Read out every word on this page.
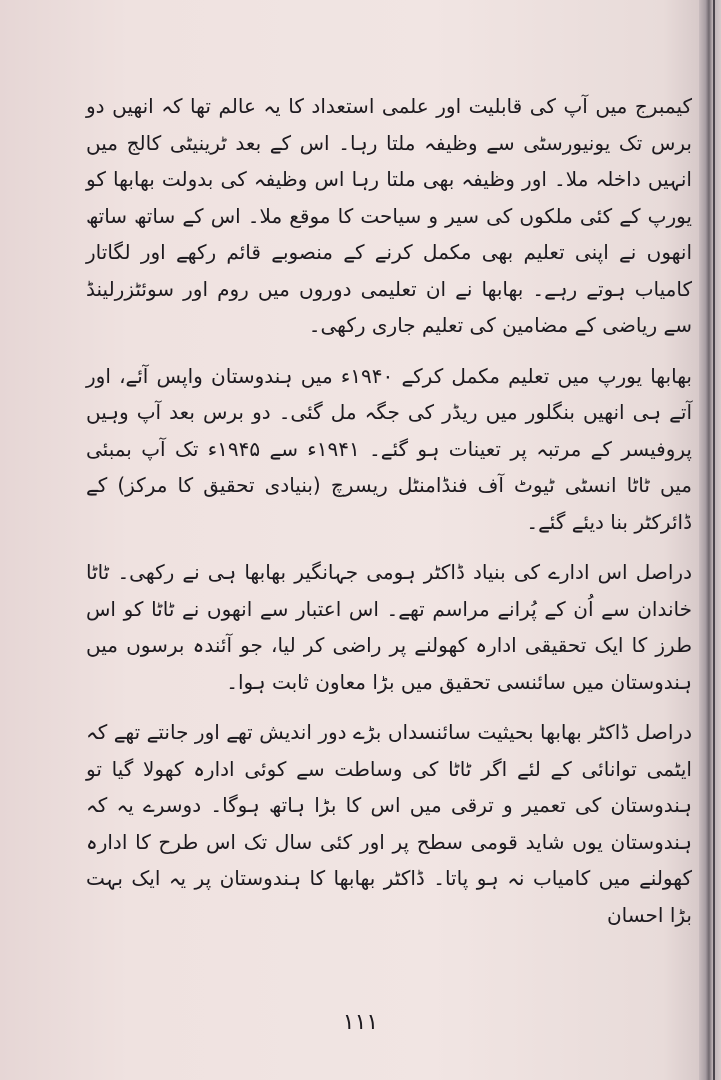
کیمبرج میں آپ کی قابلیت اور علمی استعداد کا یہ عالم تھا کہ انھیں دو برس تک یونیورسٹی سے وظیفہ ملتا رہا۔ اس کے بعد ٹرینیٹی کالج میں انہیں داخلہ ملا۔ اور وظیفہ بھی ملتا رہا اس وظیفہ کی بدولت بھابھا کو یورپ کے کئی ملکوں کی سیر و سیاحت کا موقع ملا۔ اس کے ساتھ ساتھ انھوں نے اپنی تعلیم بھی مکمل کرنے کے منصوبے قائم رکھے اور لگاتار کامیاب ہوتے رہے۔ بھابھا نے ان تعلیمی دوروں میں روم اور سوئٹزرلینڈ سے ریاضی کے مضامین کی تعلیم جاری رکھی۔

بھابھا یورپ میں تعلیم مکمل کرکے ۱۹۴۰ء میں ہندوستان واپس آئے، اور آتے ہی انھیں بنگلور میں ریڈر کی جگہ مل گئی۔ دو برس بعد آپ وہیں پروفیسر کے مرتبہ پر تعینات ہو گئے۔ ۱۹۴۱ء سے ۱۹۴۵ء تک آپ بمبئی میں ٹاٹا انسٹی ٹیوٹ آف فنڈامنٹل ریسرچ (بنیادی تحقیق کا مرکز) کے ڈائرکٹر بنا دیئے گئے۔

دراصل اس ادارے کی بنیاد ڈاکٹر ہومی جہانگیر بھابھا ہی نے رکھی۔ ٹاٹا خاندان سے اُن کے پُرانے مراسم تھے۔ اس اعتبار سے انھوں نے ٹاٹا کو اس طرز کا ایک تحقیقی ادارہ کھولنے پر راضی کر لیا، جو آئندہ برسوں میں ہندوستان میں سائنسی تحقیق میں بڑا معاون ثابت ہوا۔

دراصل ڈاکٹر بھابھا بحیثیت سائنسداں بڑے دور اندیش تھے اور جانتے تھے کہ ایٹمی توانائی کے لئے اگر ٹاٹا کی وساطت سے کوئی ادارہ کھولا گیا تو ہندوستان کی تعمیر و ترقی میں اس کا بڑا ہاتھ ہوگا۔ دوسرے یہ کہ ہندوستان یوں شاید قومی سطح پر اور کئی سال تک اس طرح کا ادارہ کھولنے میں کامیاب نہ ہو پاتا۔ ڈاکٹر بھابھا کا ہندوستان پر یہ ایک بہت بڑا احسان

۱۱۱
